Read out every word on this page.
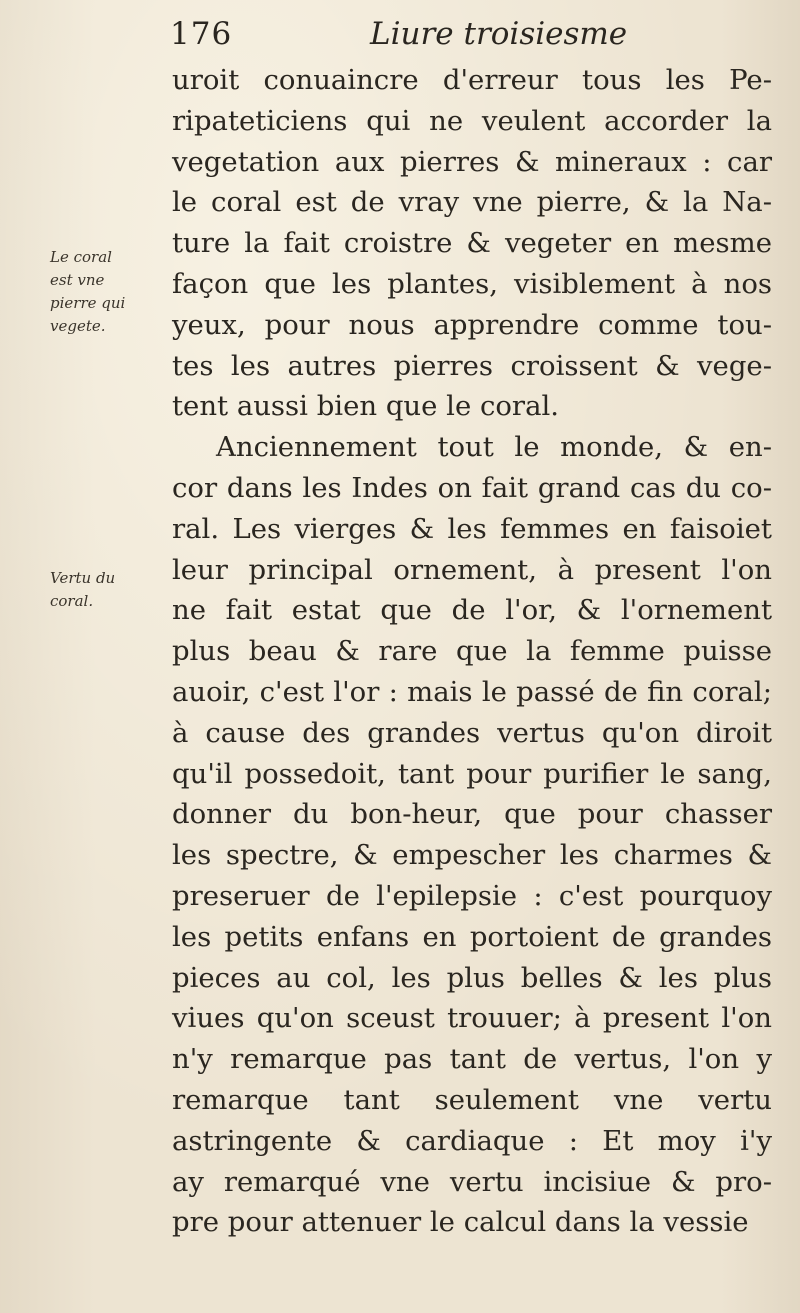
176	Liure troisiesme
Le coral
est vne
pierre qui
vegete.
Vertu du
coral.
uroit conuaincre d'erreur tous les Pe-
ripateticiens qui ne veulent accorder la
vegetation aux pierres & mineraux : car
le coral est de vray vne pierre, & la Na-
ture la fait croistre & vegeter en mesme
façon que les plantes, visiblement à nos
yeux, pour nous apprendre comme tou-
tes les autres pierres croissent & vege-
tent aussi bien que le coral.
Anciennement tout le monde, & en-
cor dans les Indes on fait grand cas du co-
ral. Les vierges & les femmes en faisoiet
leur principal ornement, à present l'on
ne fait estat que de l'or, & l'ornement
plus beau & rare que la femme puisse
auoir, c'est l'or : mais le passé de fin coral;
à cause des grandes vertus qu'on diroit
qu'il possedoit, tant pour purifier le sang,
donner du bon-heur, que pour chasser
les spectre, & empescher les charmes &
preseruer de l'epilepsie : c'est pourquoy
les petits enfans en portoient de grandes
pieces au col, les plus belles & les plus
viues qu'on sceust trouuer; à present l'on
n'y remarque pas tant de vertus, l'on y
remarque tant seulement vne vertu
astringente & cardiaque : Et moy i'y
ay remarqué vne vertu incisiue & pro-
pre pour attenuer le calcul dans la vessie
